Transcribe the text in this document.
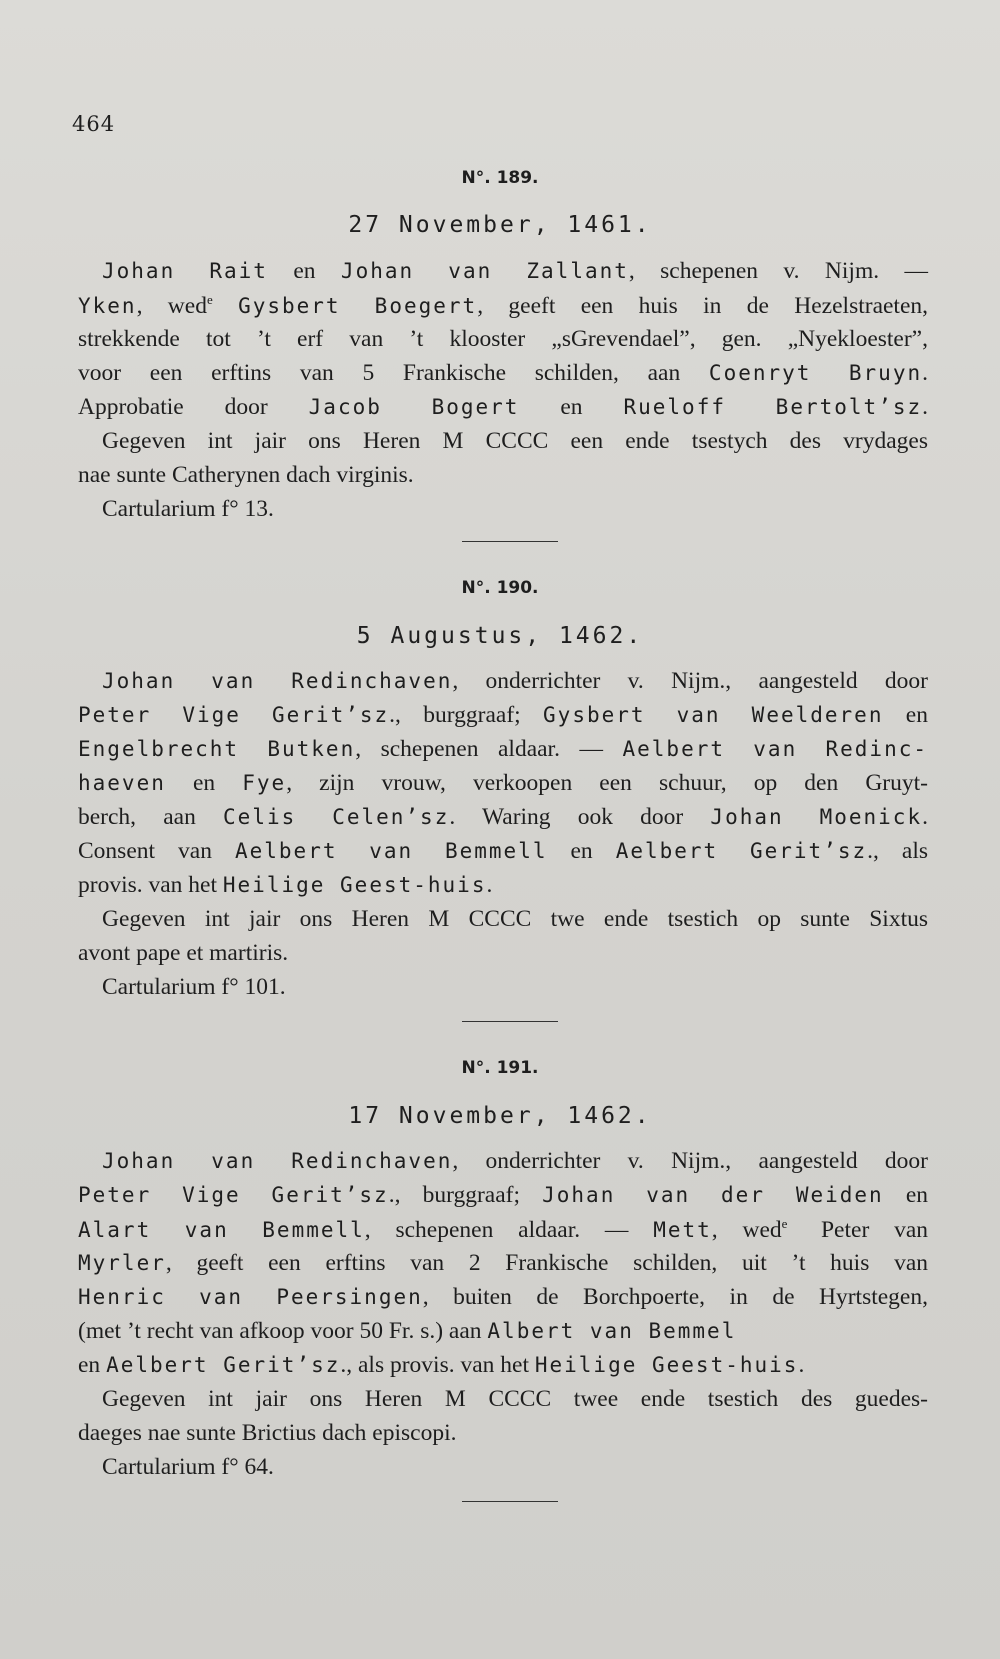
464
N°. 189.
27 November, 1461.
Johan Rait en Johan van Zallant, schepenen v. Nijm. —
Yken, wed$^e$ Gysbert Boegert, geeft een huis in de Hezelstraeten,
strekkende tot ’t erf van ’t klooster „sGrevendael”, gen. „Nyekloester”,
voor een erftins van 5 Frankische schilden, aan Coenryt Bruyn.
Approbatie door Jacob Bogert en Rueloff Bertolt’sz.
Gegeven int jair ons Heren M CCCC een ende tsestych des vrydages
nae sunte Catherynen dach virginis.
Cartularium f° 13.
N°. 190.
5 Augustus, 1462.
Johan van Redinchaven, onderrichter v. Nijm., aangesteld door
Peter Vige Gerit’sz., burggraaf; Gysbert van Weelderen en
Engelbrecht Butken, schepenen aldaar. — Aelbert van Redinc-
haeven en Fye, zijn vrouw, verkoopen een schuur, op den Gruyt-
berch, aan Celis Celen’sz. Waring ook door Johan Moenick.
Consent van Aelbert van Bemmell en Aelbert Gerit’sz., als
provis. van het Heilige Geest-huis.
Gegeven int jair ons Heren M CCCC twe ende tsestich op sunte Sixtus
avont pape et martiris.
Cartularium f° 101.
N°. 191.
17 November, 1462.
Johan van Redinchaven, onderrichter v. Nijm., aangesteld door
Peter Vige Gerit’sz., burggraaf; Johan van der Weiden en
Alart van Bemmell, schepenen aldaar. — Mett, wed$^e$ Peter van
Myrler, geeft een erftins van 2 Frankische schilden, uit ’t huis van
Henric van Peersingen, buiten de Borchpoerte, in de Hyrtstegen,
(met ’t recht van afkoop voor 50 Fr. s.) aan Albert van Bemmel
en Aelbert Gerit’sz., als provis. van het Heilige Geest-huis.
Gegeven int jair ons Heren M CCCC twee ende tsestich des guedes-
daeges nae sunte Brictius dach episcopi.
Cartularium f° 64.
